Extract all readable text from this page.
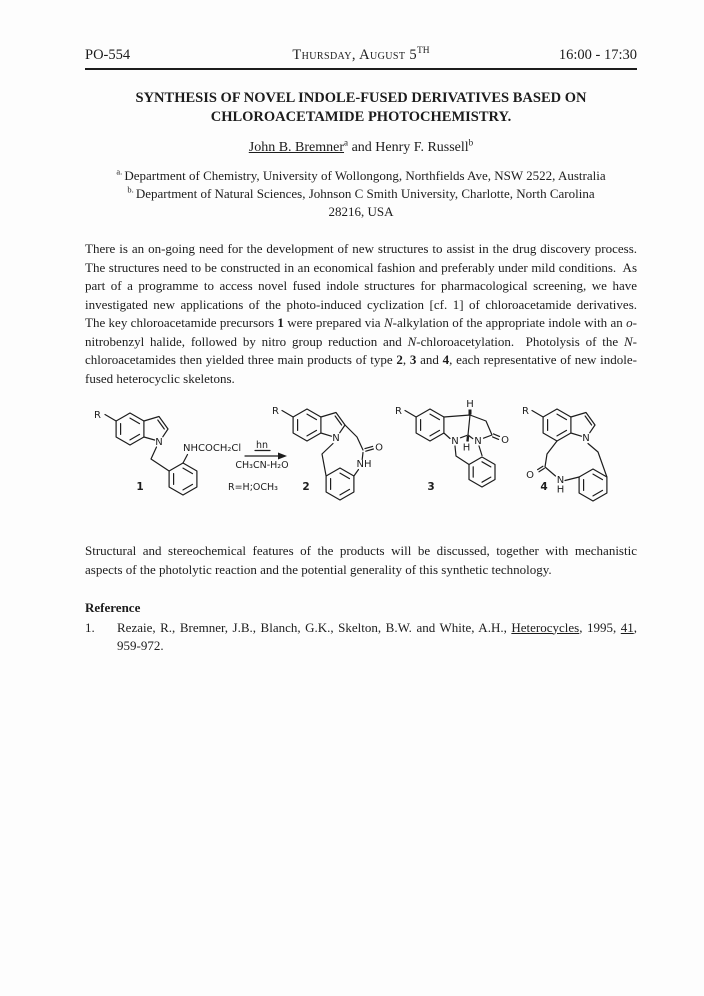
PO-554	Thursday, August 5TH	16:00 - 17:30
SYNTHESIS OF NOVEL INDOLE-FUSED DERIVATIVES BASED ON
CHLOROACETAMIDE PHOTOCHEMISTRY.
John B. Bremner$^a$ and Henry F. Russell$^b$
$^{a.}$ Department of Chemistry, University of Wollongong, Northfields Ave, NSW 2522, Australia
$^{b.}$ Department of Natural Sciences, Johnson C Smith University, Charlotte, North Carolina
28216, USA
There is an on-going need for the development of new structures to assist in the drug discovery process.  The structures need to be constructed in an economical fashion and preferably under mild conditions.  As part of a programme to access novel fused indole structures for pharmacological screening, we have investigated new applications of the photo-induced cyclization [cf. 1] of chloroacetamide derivatives.  The key chloroacetamide precursors 1 were prepared via N-alkylation of the appropriate indole with an o-nitrobenzyl halide, followed by nitro group reduction and N-chloroacetylation.  Photolysis of the N-chloroacetamides then yielded three main products of type 2, 3 and 4, each representative of new indole-fused heterocyclic skeletons.
R
N
NHCOCH₂Cl
1
hn
CH₃CN-H₂O
R=H;OCH₃
R
N
O
NH
2
R
H
N N
H
O
3
R
N
O N
H
4
Structural and stereochemical features of the products will be discussed, together with mechanistic aspects of the photolytic reaction and the potential generality of this synthetic technology.
Reference
1.	Rezaie, R., Bremner, J.B., Blanch, G.K., Skelton, B.W. and White, A.H., Heterocycles, 1995, 41, 959-972.
